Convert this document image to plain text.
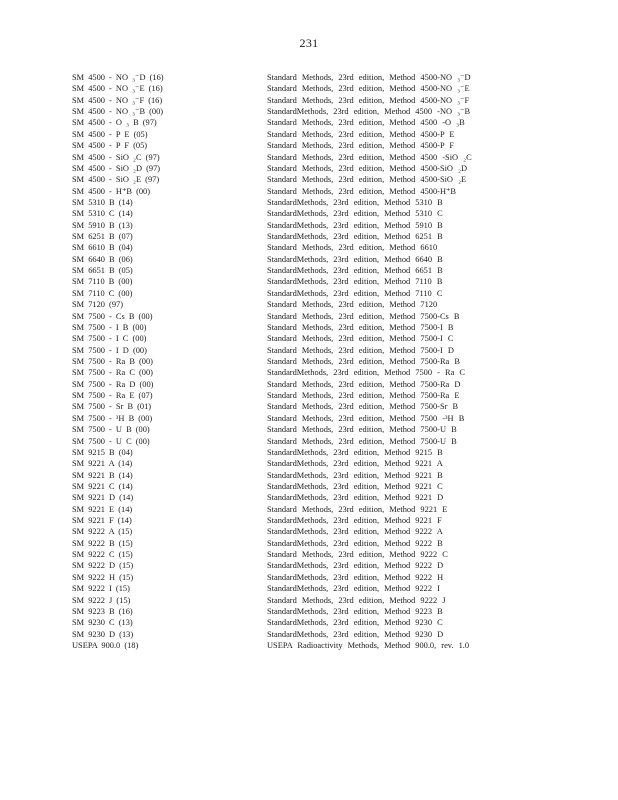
231
SM 4500 - NO ₃⁻D (16)	Standard Methods, 23rd edition, Method 4500-NO ₃⁻D
SM 4500 - NO ₃⁻E (16)	Standard Methods, 23rd edition, Method 4500-NO ₃⁻E
SM 4500 - NO ₃⁻F (16)	Standard Methods, 23rd edition, Method 4500-NO ₃⁻F
SM 4500 - NO ₃⁻B (00)	StandardMethods, 23rd edition, Method 4500 -NO ₃⁻B
SM 4500 - O ₃ B (97)	Standard Methods, 23rd edition, Method 4500 -O ₃B
SM 4500 - P E (05)	Standard Methods, 23rd edition, Method 4500-P E
SM 4500 - P F (05)	Standard Methods, 23rd edition, Method 4500-P F
SM 4500 - SiO ₂C (97)	Standard Methods, 23rd edition, Method 4500 -SiO ₂C
SM 4500 - SiO ₂D (97)	Standard Methods, 23rd edition, Method 4500-SiO ₂D
SM 4500 - SiO ₂E (97)	Standard Methods, 23rd edition, Method 4500-SiO ₂E
SM 4500 - H⁺B (00)	Standard Methods, 23rd edition, Method 4500-H⁺B
SM 5310 B (14)	StandardMethods, 23rd edition, Method 5310 B
SM 5310 C (14)	StandardMethods, 23rd edition, Method 5310 C
SM 5910 B (13)	StandardMethods, 23rd edition, Method 5910 B
SM 6251 B (07)	StandardMethods, 23rd edition, Method 6251 B
SM 6610 B (04)	Standard Methods, 23rd edition, Method 6610
SM 6640 B (06)	StandardMethods, 23rd edition, Method 6640 B
SM 6651 B (05)	StandardMethods, 23rd edition, Method 6651 B
SM 7110 B (00)	StandardMethods, 23rd edition, Method 7110 B
SM 7110 C (00)	StandardMethods, 23rd edition, Method 7110 C
SM 7120 (97)	Standard Methods, 23rd edition, Method 7120
SM 7500 - Cs B (00)	Standard Methods, 23rd edition, Method 7500-Cs B
SM 7500 - I B (00)	Standard Methods, 23rd edition, Method 7500-I B
SM 7500 - I C (00)	Standard Methods, 23rd edition, Method 7500-I C
SM 7500 - I D (00)	Standard Methods, 23rd edition, Method 7500-I D
SM 7500 - Ra B (00)	Standard Methods, 23rd edition, Method 7500-Ra B
SM 7500 - Ra C (00)	StandardMethods, 23rd edition, Method 7500 - Ra C
SM 7500 - Ra D (00)	Standard Methods, 23rd edition, Method 7500-Ra D
SM 7500 - Ra E (07)	Standard Methods, 23rd edition, Method 7500-Ra E
SM 7500 - Sr B (01)	Standard Methods, 23rd edition, Method 7500-Sr B
SM 7500 - ³H B (00)	Standard Methods, 23rd edition, Method 7500 -³H B
SM 7500 - U B (00)	Standard Methods, 23rd edition, Method 7500-U B
SM 7500 - U C (00)	Standard Methods, 23rd edition, Method 7500-U B
SM 9215 B (04)	StandardMethods, 23rd edition, Method 9215 B
SM 9221 A (14)	StandardMethods, 23rd edition, Method 9221 A
SM 9221 B (14)	StandardMethods, 23rd edition, Method 9221 B
SM 9221 C (14)	StandardMethods, 23rd edition, Method 9221 C
SM 9221 D (14)	StandardMethods, 23rd edition, Method 9221 D
SM 9221 E (14)	Standard Methods, 23rd edition, Method 9221 E
SM 9221 F (14)	StandardMethods, 23rd edition, Method 9221 F
SM 9222 A (15)	StandardMethods, 23rd edition, Method 9222 A
SM 9222 B (15)	StandardMethods, 23rd edition, Method 9222 B
SM 9222 C (15)	Standard Methods, 23rd edition, Method 9222 C
SM 9222 D (15)	StandardMethods, 23rd edition, Method 9222 D
SM 9222 H (15)	StandardMethods, 23rd edition, Method 9222 H
SM 9222 I (15)	StandardMethods, 23rd edition, Method 9222 I
SM 9222 J (15)	Standard Methods, 23rd edition, Method 9222 J
SM 9223 B (16)	StandardMethods, 23rd edition, Method 9223 B
SM 9230 C (13)	StandardMethods, 23rd edition, Method 9230 C
SM 9230 D (13)	StandardMethods, 23rd edition, Method 9230 D
USEPA 900.0 (18)	USEPA Radioactivity Methods, Method 900.0, rev. 1.0
